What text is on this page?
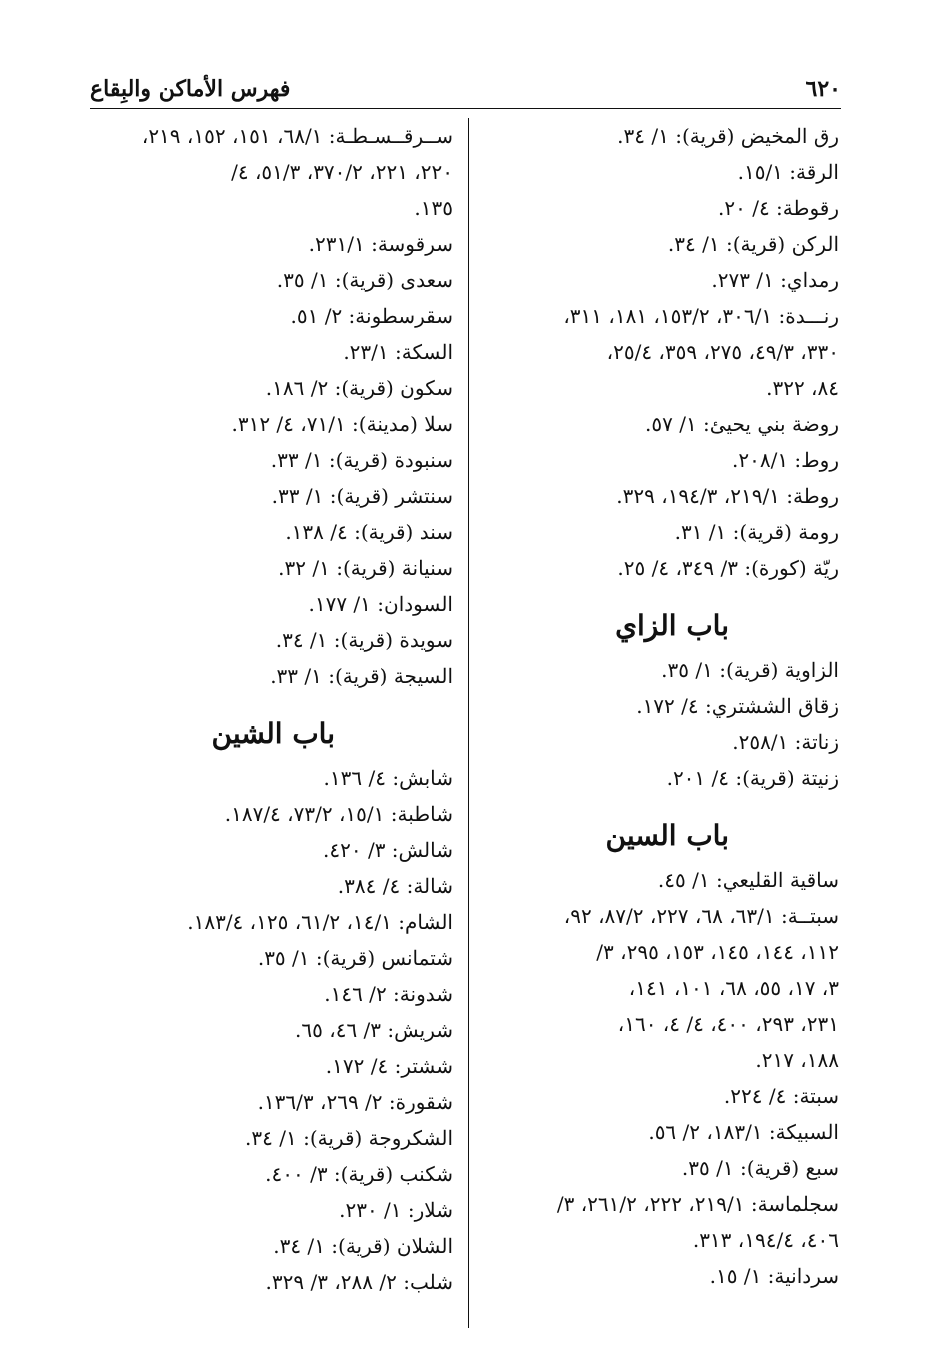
٦٢٠
فهرس الأماكن والبِقاع
رق المخيض (قرية): ١/ ٣٤.
الرقة: ١٥/١.
رقوطة: ٤/ ٢٠.
الركن (قرية): ١/ ٣٤.
رمداي: ١/ ٢٧٣.
رنـــدة: ٣٠٦/١، ١٥٣/٢، ١٨١، ٣١١،
٣٣٠، ٤٩/٣، ٢٧٥، ٣٥٩، ٢٥/٤،
٨٤، ٣٢٢.
روضة بني يحيئ: ١/ ٥٧.
روط: ٢٠٨/١.
روطة: ٢١٩/١، ١٩٤/٣، ٣٢٩.
رومة (قرية): ١/ ٣١.
ريّة (كورة): ٣/ ٣٤٩، ٤/ ٢٥.
باب الزاي
الزاوية (قرية): ١/ ٣٥.
زقاق الششتري: ٤/ ١٧٢.
زناتة: ٢٥٨/١.
زنيتة (قرية): ٤/ ٢٠١.
باب السين
ساقية القليعي: ١/ ٤٥.
سبتــة: ٦٣/١، ٦٨، ٢٢٧، ٨٧/٢، ٩٢،
١١٢، ١٤٤، ١٤٥، ١٥٣، ٢٩٥، ٣/
٣، ١٧، ٥٥، ٦٨، ١٠١، ١٤١،
٢٣١، ٢٩٣، ٤٠٠، ٤/ ٤، ١٦٠،
١٨٨، ٢١٧.
سبتة: ٤/ ٢٢٤.
السبيكة: ١٨٣/١، ٢/ ٥٦.
سبع (قرية): ١/ ٣٥.
سجلماسة: ٢١٩/١، ٢٢٢، ٢٦١/٢، ٣/
٤٠٦، ١٩٤/٤، ٣١٣.
سردانية: ١/ ١٥.
ســرقــسـطـة: ٦٨/١، ١٥١، ١٥٢، ٢١٩،
٢٢٠، ٢٢١، ٣٧٠/٢، ٥١/٣، ٤/
١٣٥.
سرقوسة: ٢٣١/١.
سعدى (قرية): ١/ ٣٥.
سقرسطونة: ٢/ ٥١.
السكة: ٢٣/١.
سكون (قرية): ٢/ ١٨٦.
سلا (مدينة): ٧١/١، ٤/ ٣١٢.
سنبودة (قرية): ١/ ٣٣.
سنتشر (قرية): ١/ ٣٣.
سند (قرية): ٤/ ١٣٨.
سنيانة (قرية): ١/ ٣٢.
السودان: ١/ ١٧٧.
سويدة (قرية): ١/ ٣٤.
السيجة (قرية): ١/ ٣٣.
باب الشين
شابش: ٤/ ١٣٦.
شاطبة: ١٥/١، ٧٣/٢، ١٨٧/٤.
شالش: ٣/ ٤٢٠.
شالة: ٤/ ٣٨٤.
الشام: ١٤/١، ٦١/٢، ١٢٥، ١٨٣/٤.
شتمانس (قرية): ١/ ٣٥.
شدونة: ٢/ ١٤٦.
شريش: ٣/ ٤٦، ٦٥.
ششتر: ٤/ ١٧٢.
شقورة: ٢/ ٢٦٩، ١٣٦/٣.
الشكروجة (قرية): ١/ ٣٤.
شكنب (قرية): ٣/ ٤٠٠.
شلار: ١/ ٢٣٠.
الشلان (قرية): ١/ ٣٤.
شلب: ٢/ ٢٨٨، ٣/ ٣٢٩.
